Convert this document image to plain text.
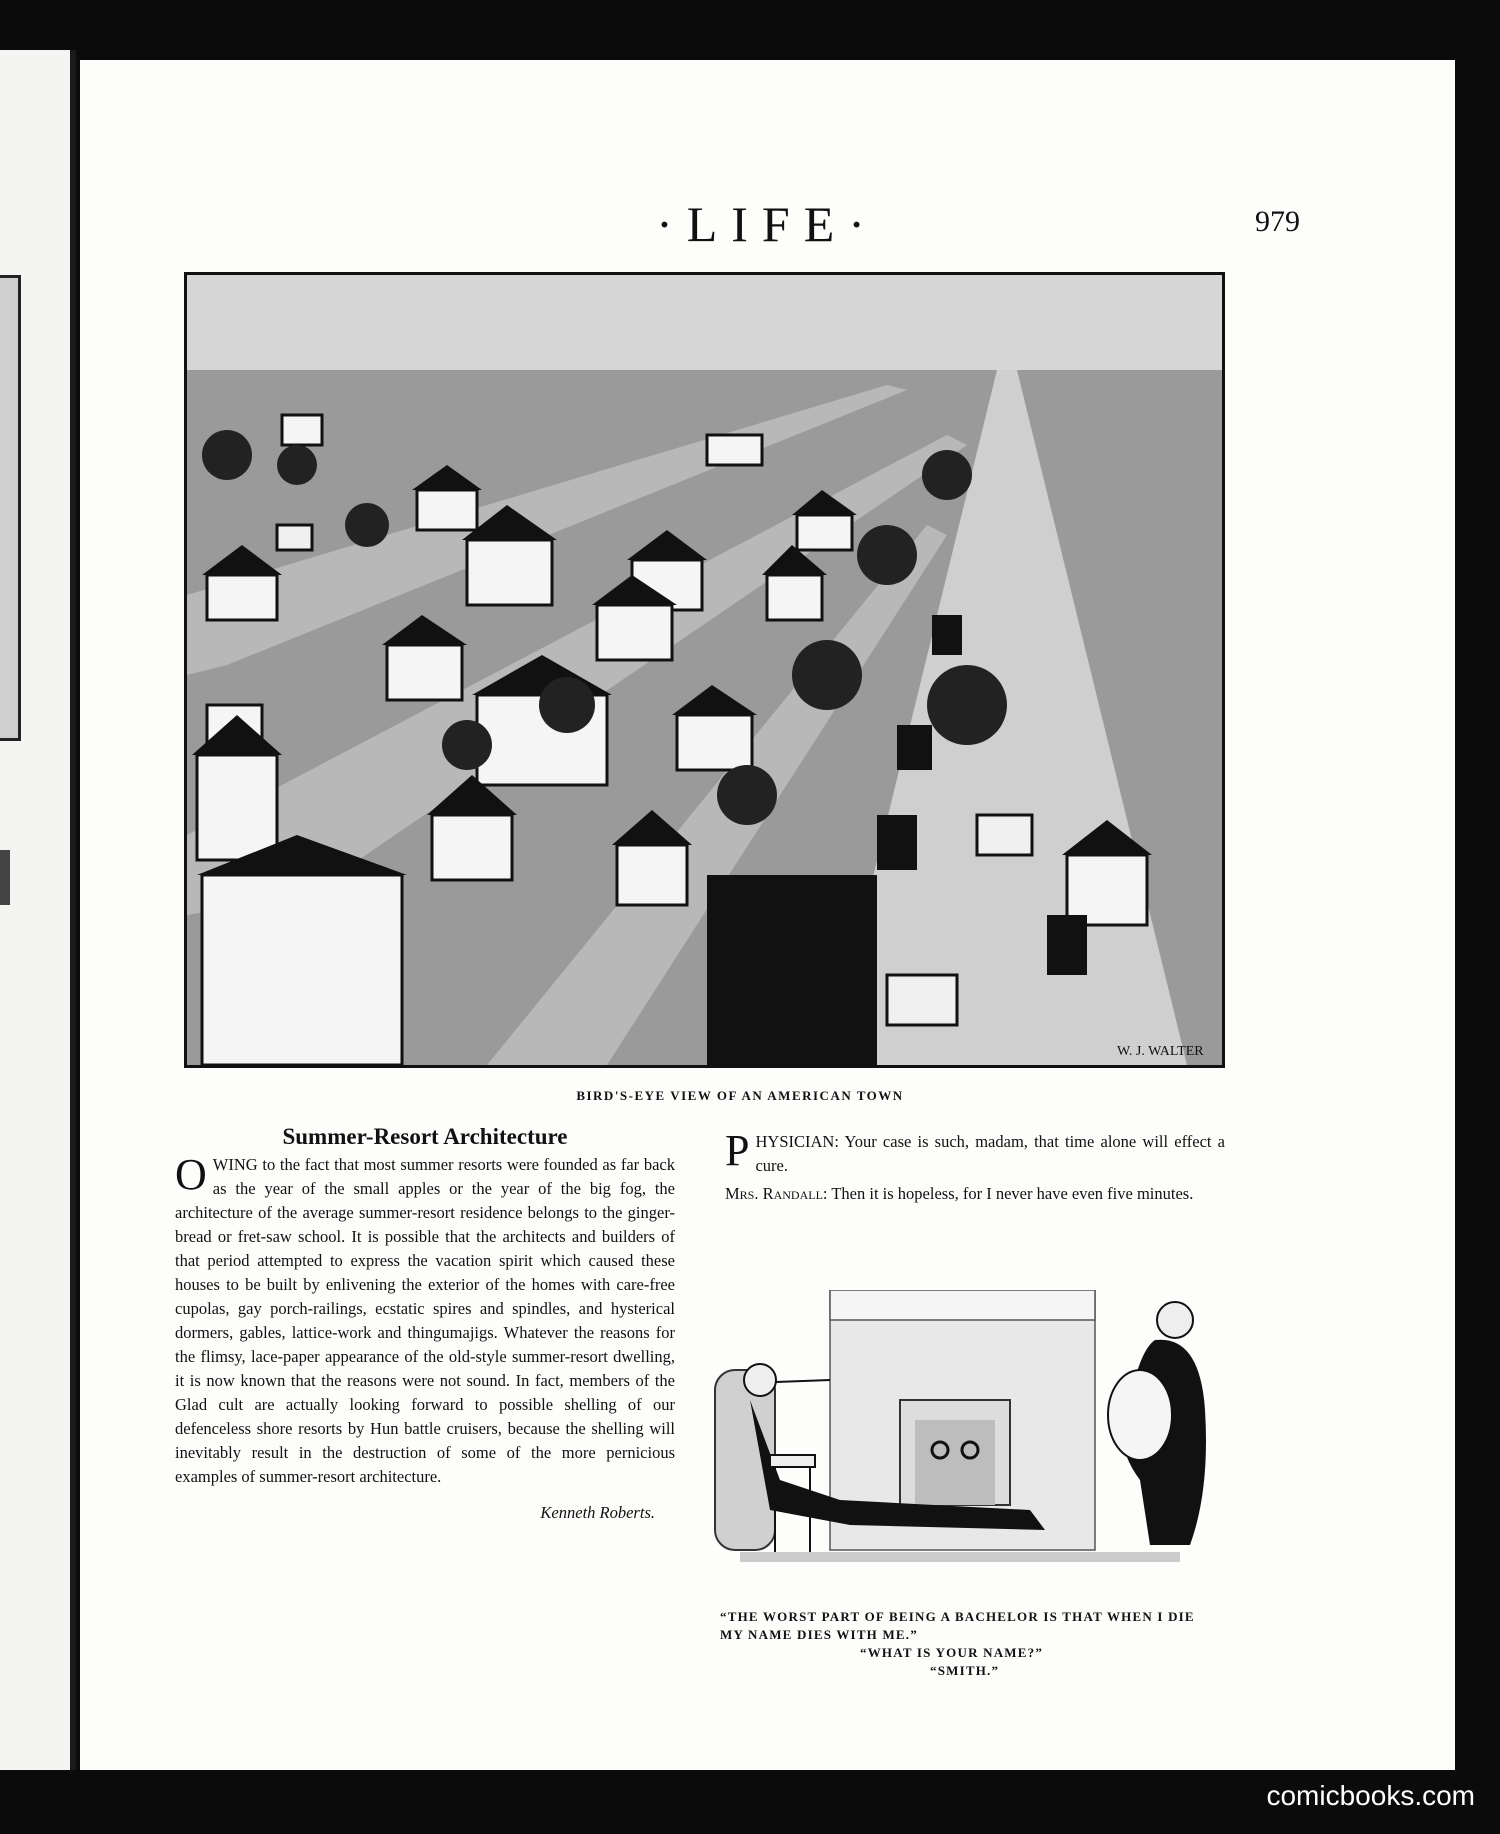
·LIFE·	979
W. J. WALTER
BIRD'S-EYE VIEW OF AN AMERICAN TOWN
Summer-Resort Architecture
OWING to the fact that most summer resorts were founded as far back as the year of the small apples or the year of the big fog, the architecture of the average summer-resort residence belongs to the ginger-bread or fret-saw school. It is possible that the architects and builders of that period attempted to express the vacation spirit which caused these houses to be built by enlivening the exterior of the homes with care-free cupolas, gay porch-railings, ecstatic spires and spindles, and hysterical dormers, gables, lattice-work and thingumajigs. Whatever the reasons for the flimsy, lace-paper appearance of the old-style summer-resort dwelling, it is now known that the reasons were not sound. In fact, members of the Glad cult are actually looking forward to possible shelling of our defenceless shore resorts by Hun battle cruisers, because the shelling will inevitably result in the destruction of some of the more pernicious examples of summer-resort architecture.
Kenneth Roberts.
PHYSICIAN: Your case is such, madam, that time alone will effect a cure.
Mrs. Randall: Then it is hopeless, for I never have even five minutes.
“THE WORST PART OF BEING A BACHELOR IS THAT WHEN I DIE MY NAME DIES WITH ME.”
“WHAT IS YOUR NAME?”
“SMITH.”
comicbooks.com
